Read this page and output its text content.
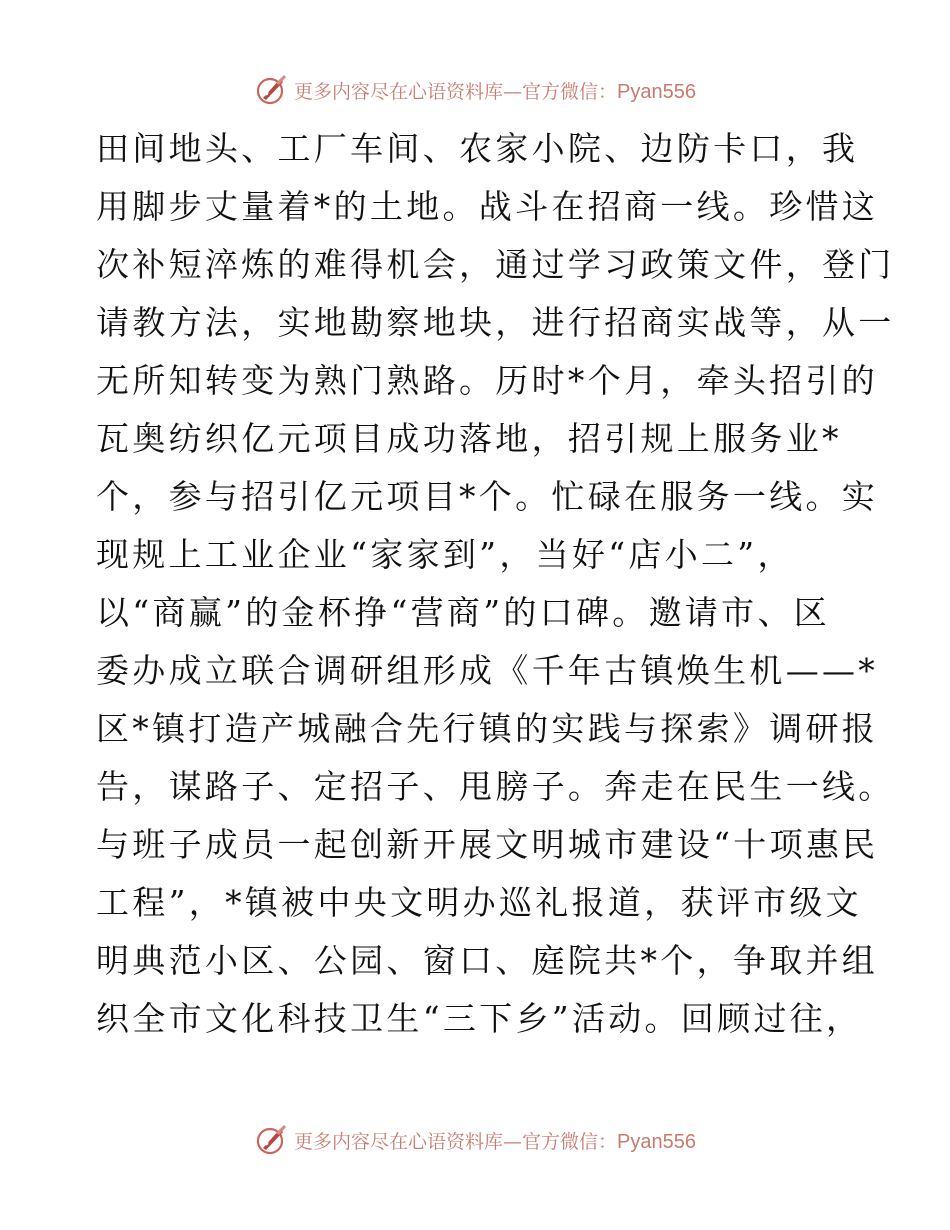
更多内容尽在心语资料库—官方微信：Pyan556
田间地头、工厂车间、农家小院、边防卡口，我
用脚步丈量着*的土地。战斗在招商一线。珍惜这
次补短淬炼的难得机会，通过学习政策文件，登门
请教方法，实地勘察地块，进行招商实战等，从一
无所知转变为熟门熟路。历时*个月，牵头招引的
瓦奥纺织亿元项目成功落地，招引规上服务业*
个，参与招引亿元项目*个。忙碌在服务一线。实
现规上工业企业“家家到”，当好“店小二”，
以“商赢”的金杯挣“营商”的口碑。邀请市、区
委办成立联合调研组形成《千年古镇焕生机——*
区*镇打造产城融合先行镇的实践与探索》调研报
告，谋路子、定招子、甩膀子。奔走在民生一线。
与班子成员一起创新开展文明城市建设“十项惠民
工程”，*镇被中央文明办巡礼报道，获评市级文
明典范小区、公园、窗口、庭院共*个，争取并组
织全市文化科技卫生“三下乡”活动。回顾过往，
更多内容尽在心语资料库—官方微信：Pyan556
